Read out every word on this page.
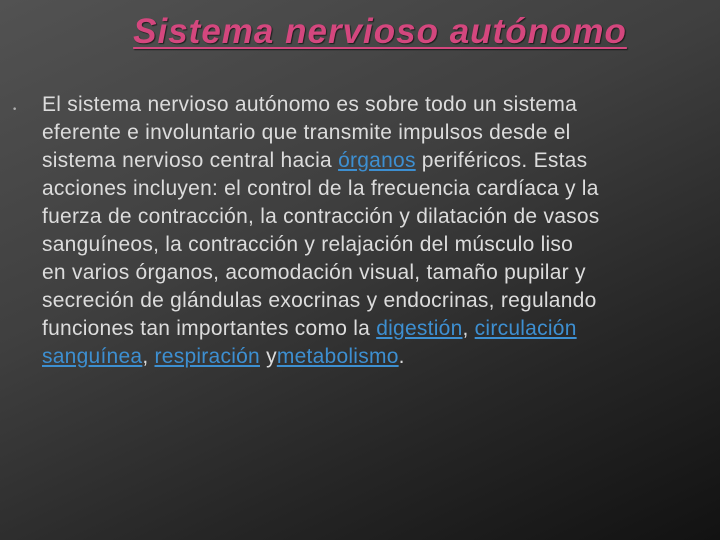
Sistema nervioso autónomo
• El sistema nervioso autónomo es sobre todo un sistema
eferente e involuntario que transmite impulsos desde el
sistema nervioso central hacia órganos periféricos. Estas
acciones incluyen: el control de la frecuencia cardíaca y la
fuerza de contracción, la contracción y dilatación de vasos
sanguíneos, la contracción y relajación del músculo liso
en varios órganos, acomodación visual, tamaño pupilar y
secreción de glándulas exocrinas y endocrinas, regulando
funciones tan importantes como la digestión, circulación
sanguínea, respiración ymetabolismo.
